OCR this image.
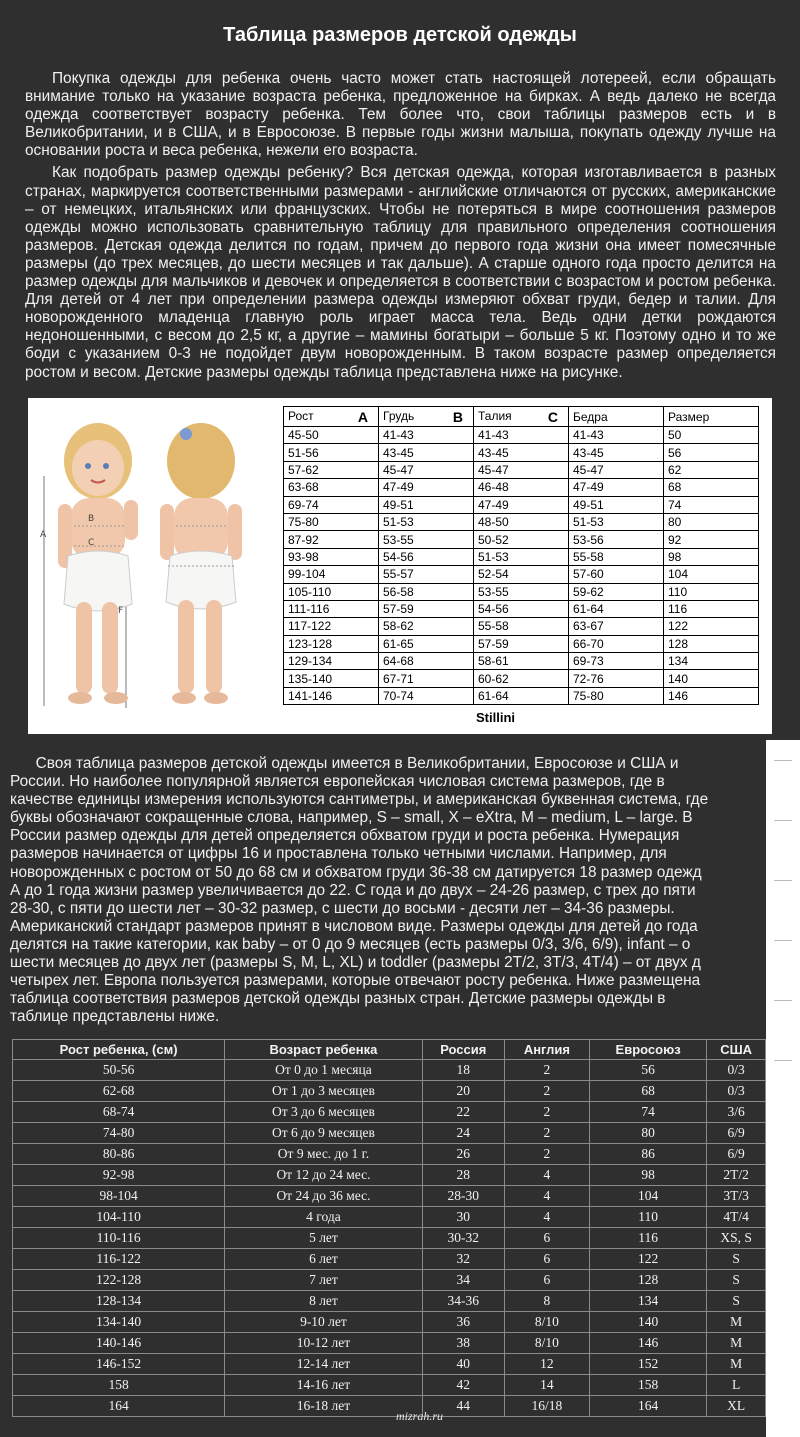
Таблица размеров детской одежды

Покупка одежды для ребенка очень часто может стать настоящей лотереей, если обращать внимание только на указание возраста ребенка, предложенное на бирках. А ведь далеко не всегда одежда соответствует возрасту ребенка. Тем более что, свои таблицы размеров есть и в Великобритании, и в США, и в Евросоюзе. В первые годы жизни малыша, покупать одежду лучше на основании роста и веса ребенка, нежели его возраста.

Как подобрать размер одежды ребенку? Вся детская одежда, которая изготавливается в разных странах, маркируется соответственными размерами - английские отличаются от русских, американские – от немецких, итальянских или французских. Чтобы не потеряться в мире соотношения размеров одежды можно использовать сравнительную таблицу для правильного определения соотношения размеров. Детская одежда делится по годам, причем до первого года жизни она имеет помесячные размеры (до трех месяцев, до шести месяцев и так дальше). А старше одного года просто делится на размер одежды для мальчиков и девочек и определяется в соответствии с возрастом и ростом ребенка. Для детей от 4 лет при определении размера одежды измеряют обхват груди, бедер и талии. Для новорожденного младенца главную роль играет масса тела. Ведь одни детки рождаются недоношенными, с весом до 2,5 кг, а другие – мамины богатыри – больше 5 кг. Поэтому одно и то же боди с указанием 0-3 не подойдет двум новорожденным. В таком возрасте размер определяется ростом и весом. Детские размеры одежды таблица представлена ниже на рисунке.

A
B
C
F
Рост A	Грудь B	Талия C	Бедра	Размер
45-50	41-43	41-43	41-43	50
51-56	43-45	43-45	43-45	56
57-62	45-47	45-47	45-47	62
63-68	47-49	46-48	47-49	68
69-74	49-51	47-49	49-51	74
75-80	51-53	48-50	51-53	80
87-92	53-55	50-52	53-56	92
93-98	54-56	51-53	55-58	98
99-104	55-57	52-54	57-60	104
105-110	56-58	53-55	59-62	110
111-116	57-59	54-56	61-64	116
117-122	58-62	55-58	63-67	122
123-128	61-65	57-59	66-70	128
129-134	64-68	58-61	69-73	134
135-140	67-71	60-62	72-76	140
141-146	70-74	61-64	75-80	146
Stillini
Своя таблица размеров детской одежды имеется в Великобритании, Евросоюзе и США и
России. Но наиболее популярной является европейская числовая система размеров, где в
качестве единицы измерения используются сантиметры, и американская буквенная система, где
буквы обозначают сокращенные слова, например, S – small, X – eXtra, M – medium, L – large. В
России размер одежды для детей определяется обхватом груди и роста ребенка. Нумерация
размеров начинается от цифры 16 и проставлена только четными числами. Например, для
новорожденных с ростом от 50 до 68 см и обхватом груди 36-38 см датируется 18 размер одежд
А до 1 года жизни размер увеличивается до 22. С года и до двух – 24-26 размер, с трех до пяти
28-30, с пяти до шести лет – 30-32 размер, с шести до восьми - десяти лет – 34-36 размеры.
Американский стандарт размеров принят в числовом виде. Размеры одежды для детей до года
делятся на такие категории, как baby – от 0 до 9 месяцев (есть размеры 0/3, 3/6, 6/9), infant – о
шести месяцев до двух лет (размеры S, M, L, XL) и toddler (размеры 2Т/2, 3Т/3, 4Т/4) – от двух д
четырех лет. Европа пользуется размерами, которые отвечают росту ребенка. Ниже размещена
таблица соответствия размеров детской одежды разных стран. Детские размеры одежды в
таблице представлены ниже.
Рост ребенка, (см)	Возраст ребенка	Россия	Англия	Евросоюз	США
50-56	От 0 до 1 месяца	18	2	56	0/3
62-68	От 1 до 3 месяцев	20	2	68	0/3
68-74	От 3 до 6 месяцев	22	2	74	3/6
74-80	От 6 до 9 месяцев	24	2	80	6/9
80-86	От 9 мес. до 1 г.	26	2	86	6/9
92-98	От 12 до 24 мес.	28	4	98	2T/2
98-104	От 24 до 36 мес.	28-30	4	104	3T/3
104-110	4 года	30	4	110	4T/4
110-116	5 лет	30-32	6	116	XS, S
116-122	6 лет	32	6	122	S
122-128	7 лет	34	6	128	S
128-134	8 лет	34-36	8	134	S
134-140	9-10 лет	36	8/10	140	M
140-146	10-12 лет	38	8/10	146	M
146-152	12-14 лет	40	12	152	M
158	14-16 лет	42	14	158	L
164	16-18 лет	44	16/18	164	XL
mizrah.ru
